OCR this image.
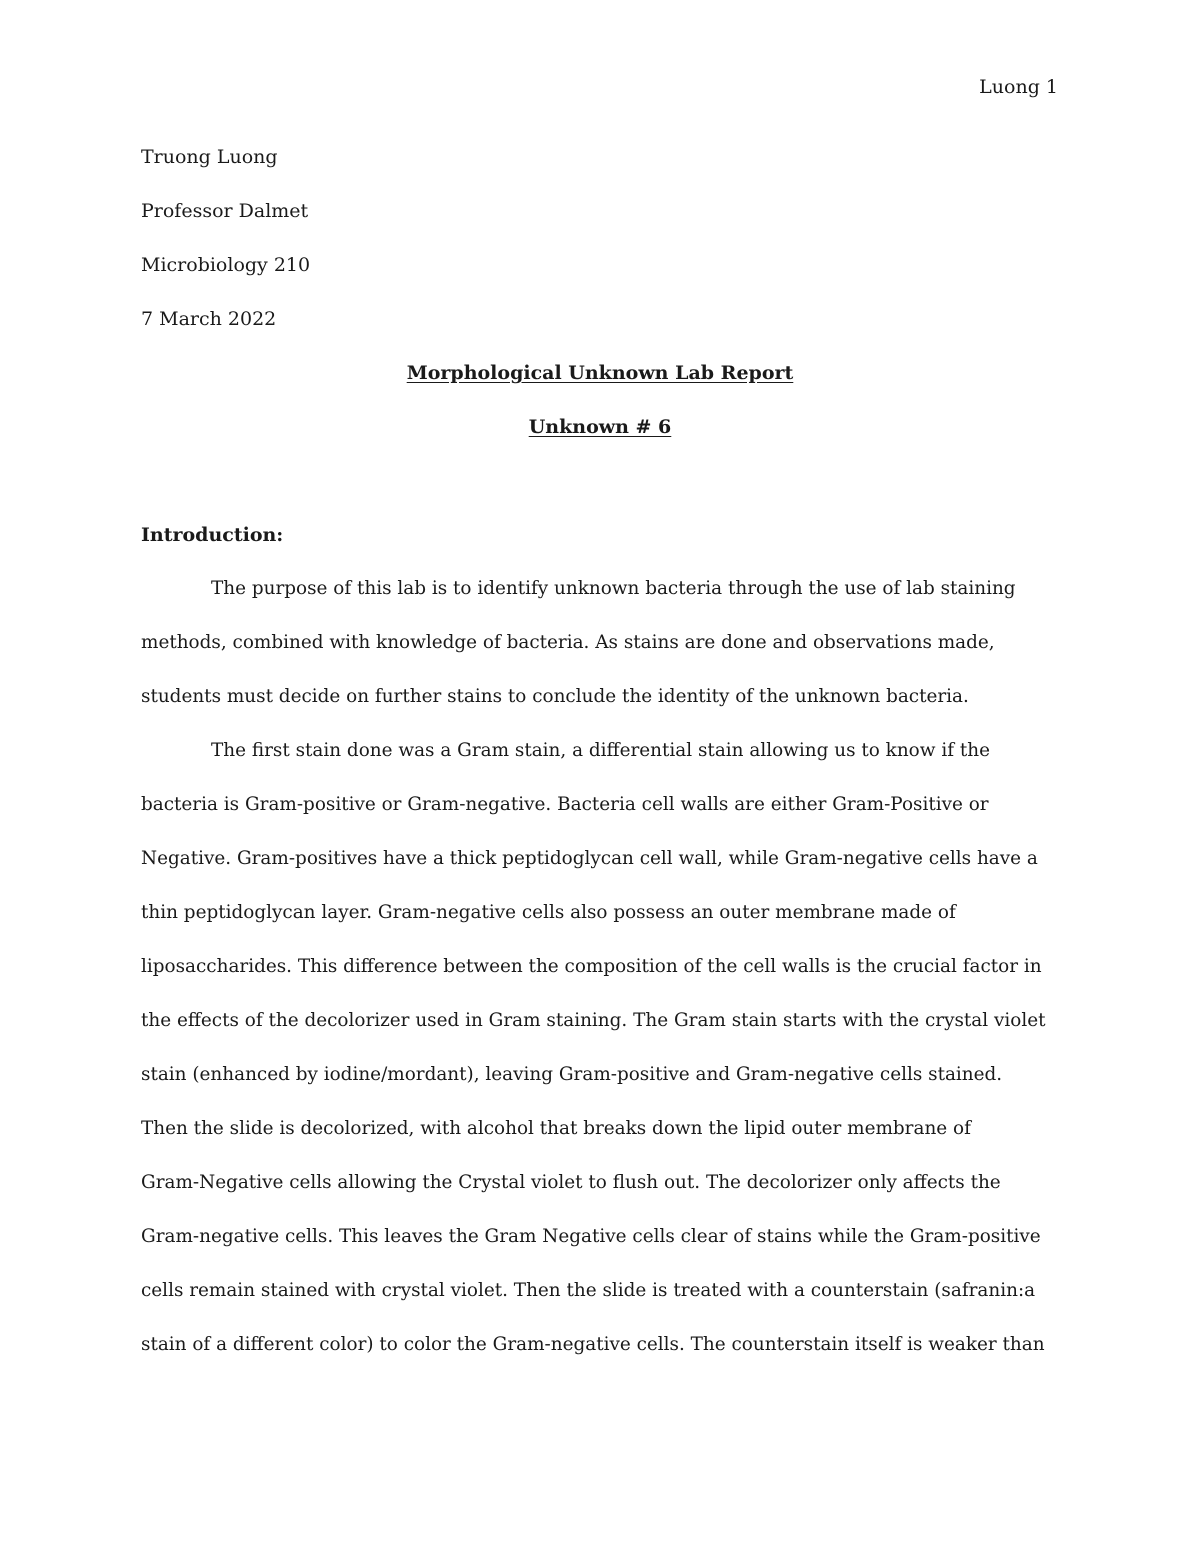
Luong 1
Truong Luong
Professor Dalmet
Microbiology 210
7 March 2022
Morphological Unknown Lab Report
Unknown # 6
Introduction:
The purpose of this lab is to identify unknown bacteria through the use of lab staining
methods, combined with knowledge of bacteria. As stains are done and observations made,
students must decide on further stains to conclude the identity of the unknown bacteria.
The first stain done was a Gram stain, a differential stain allowing us to know if the
bacteria is Gram-positive or Gram-negative. Bacteria cell walls are either Gram-Positive or
Negative. Gram-positives have a thick peptidoglycan cell wall, while Gram-negative cells have a
thin peptidoglycan layer. Gram-negative cells also possess an outer membrane made of
liposaccharides. This difference between the composition of the cell walls is the crucial factor in
the effects of the decolorizer used in Gram staining. The Gram stain starts with the crystal violet
stain (enhanced by iodine/mordant), leaving Gram-positive and Gram-negative cells stained.
Then the slide is decolorized, with alcohol that breaks down the lipid outer membrane of
Gram-Negative cells allowing the Crystal violet to flush out. The decolorizer only affects the
Gram-negative cells. This leaves the Gram Negative cells clear of stains while the Gram-positive
cells remain stained with crystal violet. Then the slide is treated with a counterstain (safranin:a
stain of a different color) to color the Gram-negative cells. The counterstain itself is weaker than
